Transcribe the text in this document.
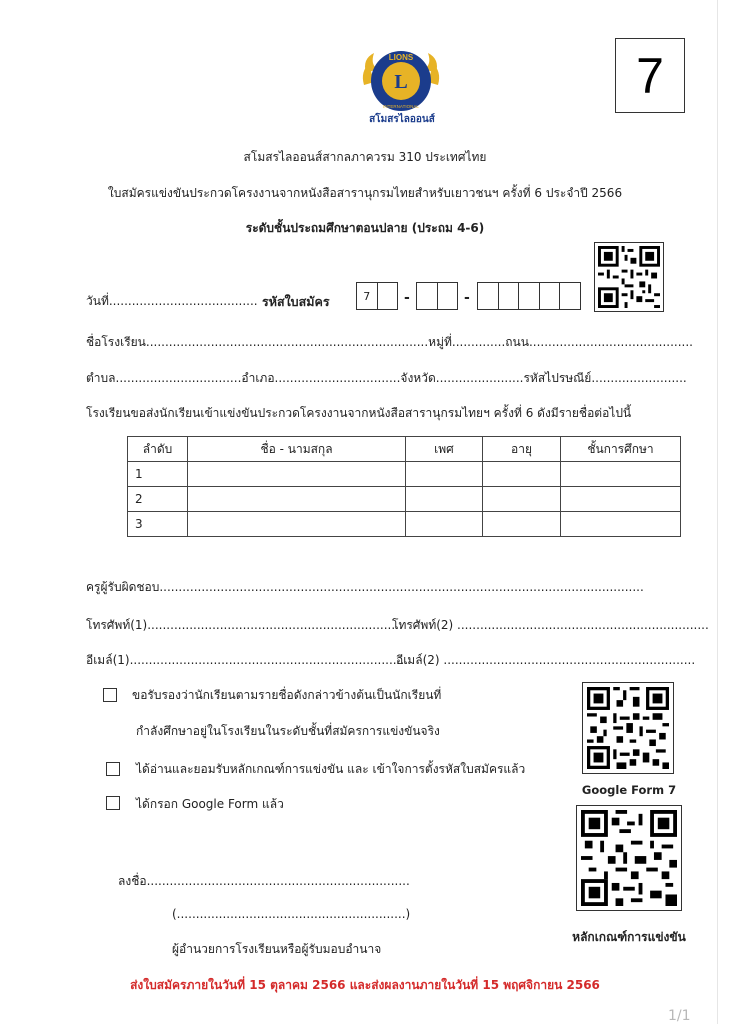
LIONS
INTERNATIONAL
L
สโมสรไลออนส์
7
สโมสรไลออนส์สากลภาควรม 310 ประเทศไทย
ใบสมัครแข่งขันประกวดโครงงานจากหนังสือสารานุกรมไทยสำหรับเยาวชนฯ ครั้งที่ 6 ประจำปี 2566
ระดับชั้นประถมศึกษาตอนปลาย (ประถม 4-6)
วันที่....................................... รหัสใบสมัคร	7	-	-
ชื่อโรงเรียน..........................................................................หมู่ที่..............ถนน...........................................
ตำบล.................................อำเภอ.................................จังหวัด.......................รหัสไปรษณีย์.........................
โรงเรียนขอส่งนักเรียนเข้าแข่งขันประกวดโครงงานจากหนังสือสารานุกรมไทยฯ ครั้งที่ 6 ดังมีรายชื่อต่อไปนี้
ลำดับ	ชื่อ - นามสกุล	เพศ	อายุ	ชั้นการศึกษา
1				
2				
3				
ครูผู้รับผิดชอบ...............................................................................................................................
โทรศัพท์(1)...................................................................
โทรศัพท์(2) ..................................................................
อีเมล์(1).........................................................................
อีเมล์(2) ..................................................................
ขอรับรองว่านักเรียนตามรายชื่อดังกล่าวข้างต้นเป็นนักเรียนที่
กำลังศึกษาอยู่ในโรงเรียนในระดับชั้นที่สมัครการแข่งขันจริง
ได้อ่านและยอมรับหลักเกณฑ์การแข่งขัน และ เข้าใจการตั้งรหัสใบสมัครแล้ว
ได้กรอก Google Form แล้ว
Google Form 7
หลักเกณฑ์การแข่งขัน
ลงชื่อ.....................................................................
(............................................................)
ผู้อำนวยการโรงเรียนหรือผู้รับมอบอำนาจ
ส่งใบสมัครภายในวันที่ 15 ตุลาคม 2566 และส่งผลงานภายในวันที่ 15 พฤศจิกายน 2566
1/1
